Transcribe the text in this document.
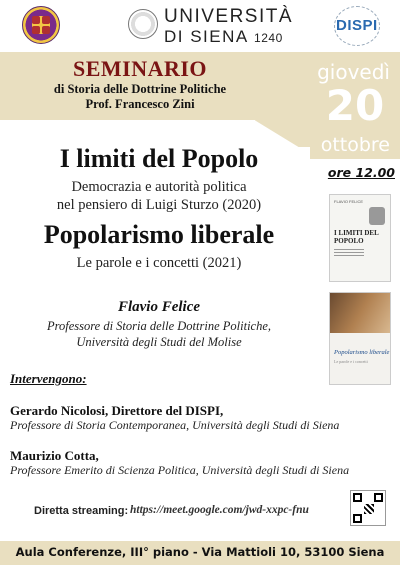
UNIVERSITÀ
DI SIENA 1240
DISPI
SEMINARIO
di Storia delle Dottrine Politiche
Prof. Francesco Zini
giovedì
20
ottobre
ore 12.00
I limiti del Popolo
Democrazia e autorità politica
nel pensiero di Luigi Sturzo (2020)
Popolarismo liberale
Le parole e i concetti (2021)
FLAVIO FELICE
I LIMITI DEL POPOLO
Popolarismo liberale
Le parole e i concetti
Flavio Felice
Professore di Storia delle Dottrine Politiche,
Università degli Studi del Molise
Intervengono:
Gerardo Nicolosi, Direttore del DISPI,
Professore di Storia Contemporanea, Università degli Studi di Siena
Maurizio Cotta,
Professore Emerito di Scienza Politica, Università degli Studi di Siena
Diretta streaming: https://meet.google.com/jwd-xxpc-fnu
Aula Conferenze, III° piano - Via Mattioli 10, 53100 Siena
